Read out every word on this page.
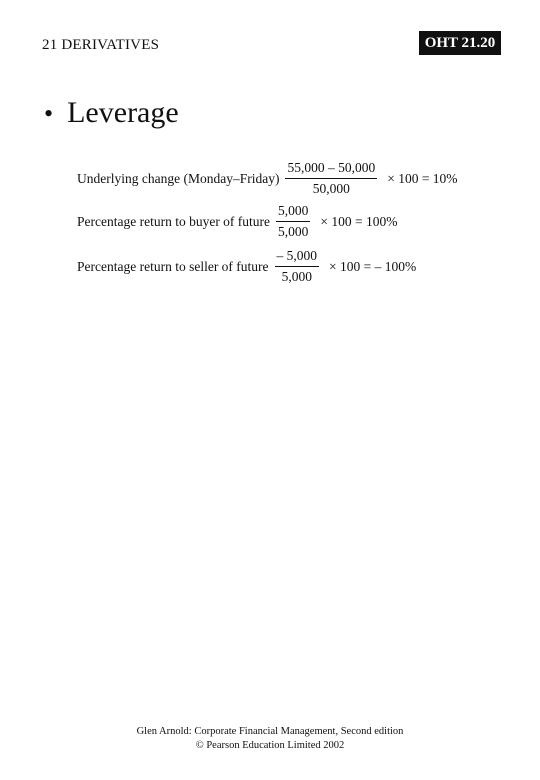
21 DERIVATIVES	OHT 21.20
• Leverage
Underlying change (Monday–Friday) $\frac{55,000 - 50,000}{50,000} \times 100 = 10\%$
Percentage return to buyer of future $\frac{5,000}{5,000} \times 100 = 100\%$
Percentage return to seller of future $\frac{- 5,000}{5,000} \times 100$ = – 100%
Glen Arnold: Corporate Financial Management, Second edition
© Pearson Education Limited 2002
